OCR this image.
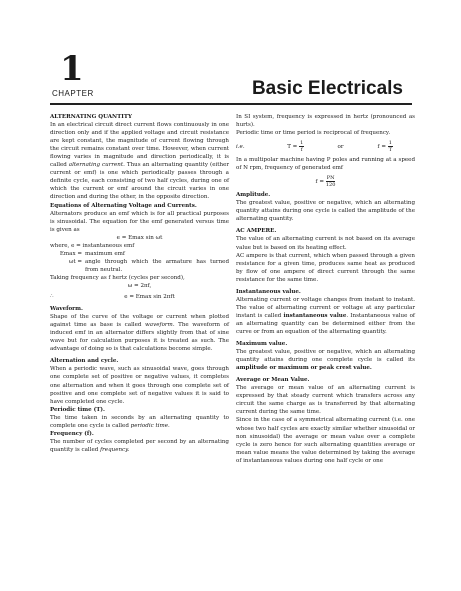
1
CHAPTER	Basic Electricals

ALTERNATING QUANTITY

In an electrical circuit direct current flows continuously in one direction only and if the applied voltage and circuit resistance are kept constant, the magnitude of current flowing through the circuit remains constant over time. However, when current flowing varies in magnitude and direction periodically, it is called alternating current. Thus an alternating quantity (either current or emf) is one which periodically passes through a definite cycle, each consisting of two half cycles, during one of which the current or emf around the circuit varies in one direction and during the other, in the opposite direction.

Equations of Alternating Voltage and Currents.

Alternators produce an emf which is for all practical purposes is sinusoidal. The equation for the emf generated versus time is given as

e = Emax sin ωt

where, e = instantaneous emf

Emax = maximum emf
ωt = angle through which the armature has turned from neutral.

Taking frequency as f hertz (cycles per second),

ω = 2πf,

∴	e = Emax sin 2πft

Waveform.

Shape of the curve of the voltage or current when plotted against time as base is called waveform. The waveform of induced emf in an alternator differs slightly from that of sine wave but for calculation purposes it is treated as such. The advantage of doing so is that calculations become simple.

Alternation and cycle.

When a periodic wave, such as sinusoidal wave, goes through one complete set of positive or negative values, it completes one alternation and when it goes through one complete set of positive and one complete set of negative values it is said to have completed one cycle.

Periodic time (T).

The time taken in seconds by an alternating quantity to complete one cycle is called periodic time.

Frequency (f).

The number of cycles completed per second by an alternating quantity is called frequency.

In SI system, frequency is expressed in hertz (pronounced as hurts).

Periodic time or time period is reciprocal of frequency.

i.e.	$T = \frac{1}{f}$	or	$f = \frac{1}{T}$

In a multipolar machine having P poles and running at a speed of N rpm, frequency of generated emf

$f = \frac{PN}{120}$

Amplitude.

The greatest value, positive or negative, which an alternating quantity attains during one cycle is called the amplitude of the alternating quantity.

AC AMPERE.

The value of an alternating current is not based on its average value but is based on its heating effect.

AC ampere is that current, which when passed through a given resistance for a given time, produces same heat as produced by flow of one ampere of direct current through the same resistance for the same time.

Instantaneous value.

Alternating current or voltage changes from instant to instant. The value of alternating current or voltage at any particular instant is called instantaneous value. Instantaneous value of an alternating quantity can be determined either from the curve or from an equation of the alternating quantity.

Maximum value.

The greatest value, positive or negative, which an alternating quantity attains during one complete cycle is called its amplitude or maximum or peak crest value.

Average or Mean Value.

The average or mean value of an alternating current is expressed by that steady current which transfers across any circuit the same charge as is transferred by that alternating current during the same time.

Since in the case of a symmetrical alternating current (i.e. one whose two half cycles are exactly similar whether sinusoidal or non sinusoidal) the average or mean value over a complete cycle is zero hence for such alternating quantities average or mean value means the value determined by taking the average of instantaneous values during one half cycle or one
